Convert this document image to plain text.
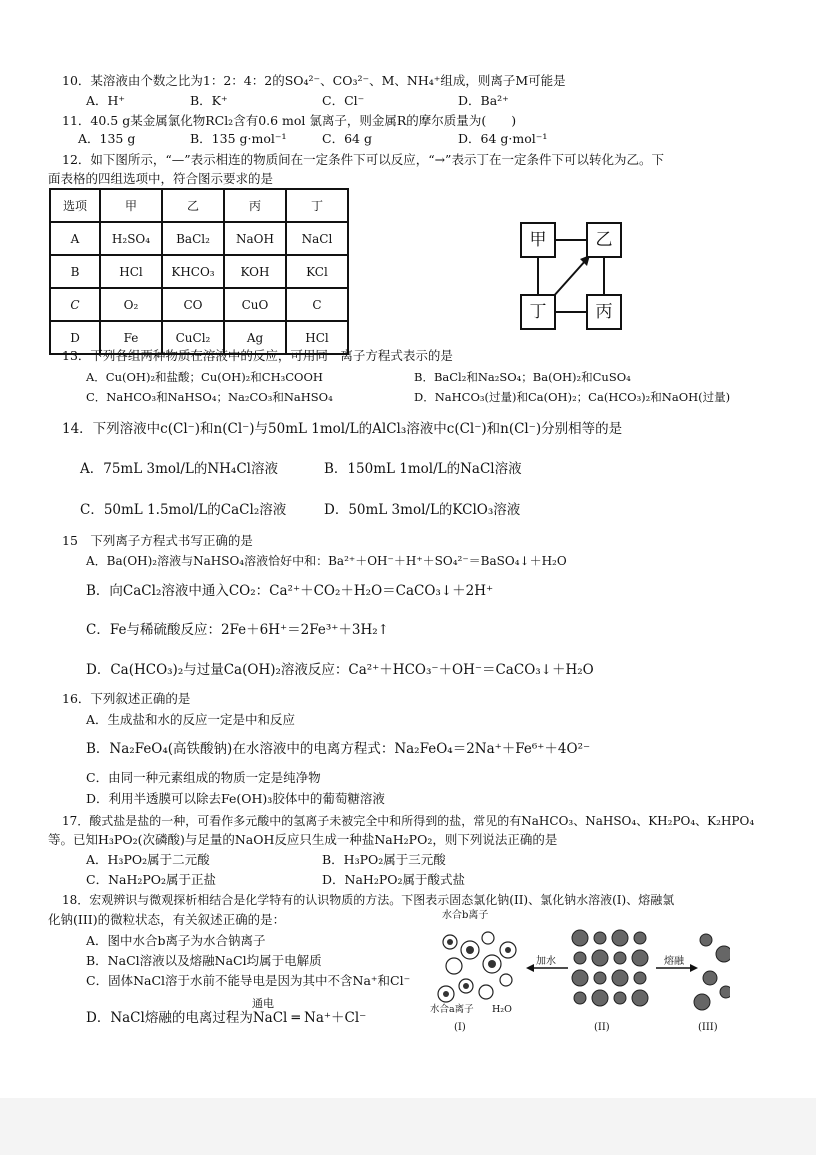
10．某溶液由个数之比为1：2：4：2的SO₄²⁻、CO₃²⁻、M、NH₄⁺组成，则离子M可能是
A．H⁺	B．K⁺	C．Cl⁻	D．Ba²⁺
11．40.5 g某金属氯化物RCl₂含有0.6 mol 氯离子，则金属R的摩尔质量为(　　)
A．135 g	B．135 g·mol⁻¹	C．64 g	D．64 g·mol⁻¹
12．如下图所示，“—”表示相连的物质间在一定条件下可以反应，“→”表示丁在一定条件下可以转化为乙。下
面表格的四组选项中，符合图示要求的是
选项	甲	乙	丙	丁
A	H₂SO₄	BaCl₂	NaOH	NaCl
B	HCl	KHCO₃	KOH	KCl
C	O₂	CO	CuO	C
D	Fe	CuCl₂	Ag	HCl
甲	乙
丁	丙
13．下列各组两种物质在溶液中的反应，可用同一离子方程式表示的是
A．Cu(OH)₂和盐酸；Cu(OH)₂和CH₃COOH	B．BaCl₂和Na₂SO₄；Ba(OH)₂和CuSO₄
C．NaHCO₃和NaHSO₄；Na₂CO₃和NaHSO₄	D．NaHCO₃(过量)和Ca(OH)₂；Ca(HCO₃)₂和NaOH(过量)
14．下列溶液中c(Cl⁻)和n(Cl⁻)与50mL 1mol/L的AlCl₃溶液中c(Cl⁻)和n(Cl⁻)分别相等的是
A．75mL 3mol/L的NH₄Cl溶液	B．150mL 1mol/L的NaCl溶液
C．50mL 1.5mol/L的CaCl₂溶液	D．50mL 3mol/L的KClO₃溶液
15　下列离子方程式书写正确的是
A．Ba(OH)₂溶液与NaHSO₄溶液恰好中和：Ba²⁺＋OH⁻＋H⁺＋SO₄²⁻＝BaSO₄↓＋H₂O
B．向CaCl₂溶液中通入CO₂：Ca²⁺＋CO₂＋H₂O＝CaCO₃↓＋2H⁺
C．Fe与稀硫酸反应：2Fe＋6H⁺＝2Fe³⁺＋3H₂↑
D．Ca(HCO₃)₂与过量Ca(OH)₂溶液反应：Ca²⁺＋HCO₃⁻＋OH⁻＝CaCO₃↓＋H₂O
16．下列叙述正确的是
A．生成盐和水的反应一定是中和反应
B．Na₂FeO₄(高铁酸钠)在水溶液中的电离方程式：Na₂FeO₄＝2Na⁺＋Fe⁶⁺＋4O²⁻
C．由同一种元素组成的物质一定是纯净物
D．利用半透膜可以除去Fe(OH)₃胶体中的葡萄糖溶液
17．酸式盐是盐的一种，可看作多元酸中的氢离子未被完全中和所得到的盐，常见的有NaHCO₃、NaHSO₄、KH₂PO₄、K₂HPO₄
等。已知H₃PO₂(次磷酸)与足量的NaOH反应只生成一种盐NaH₂PO₂，则下列说法正确的是
A．H₃PO₂属于二元酸	B．H₃PO₂属于三元酸
C．NaH₂PO₂属于正盐	D．NaH₂PO₂属于酸式盐
18．宏观辨识与微观探析相结合是化学特有的认识物质的方法。下图表示固态氯化钠(II)、氯化钠水溶液(I)、熔融氯
化钠(III)的微粒状态，有关叙述正确的是：
A．图中水合b离子为水合钠离子
B．NaCl溶液以及熔融NaCl均属于电解质
C．固体NaCl溶于水前不能导电是因为其中不含Na⁺和Cl⁻
D．NaCl熔融的电离过程为NaCl ═ Na⁺＋Cl⁻
通电
水合b离子
加水	熔融
水合a离子 H₂O
(I)	(II)	(III)
